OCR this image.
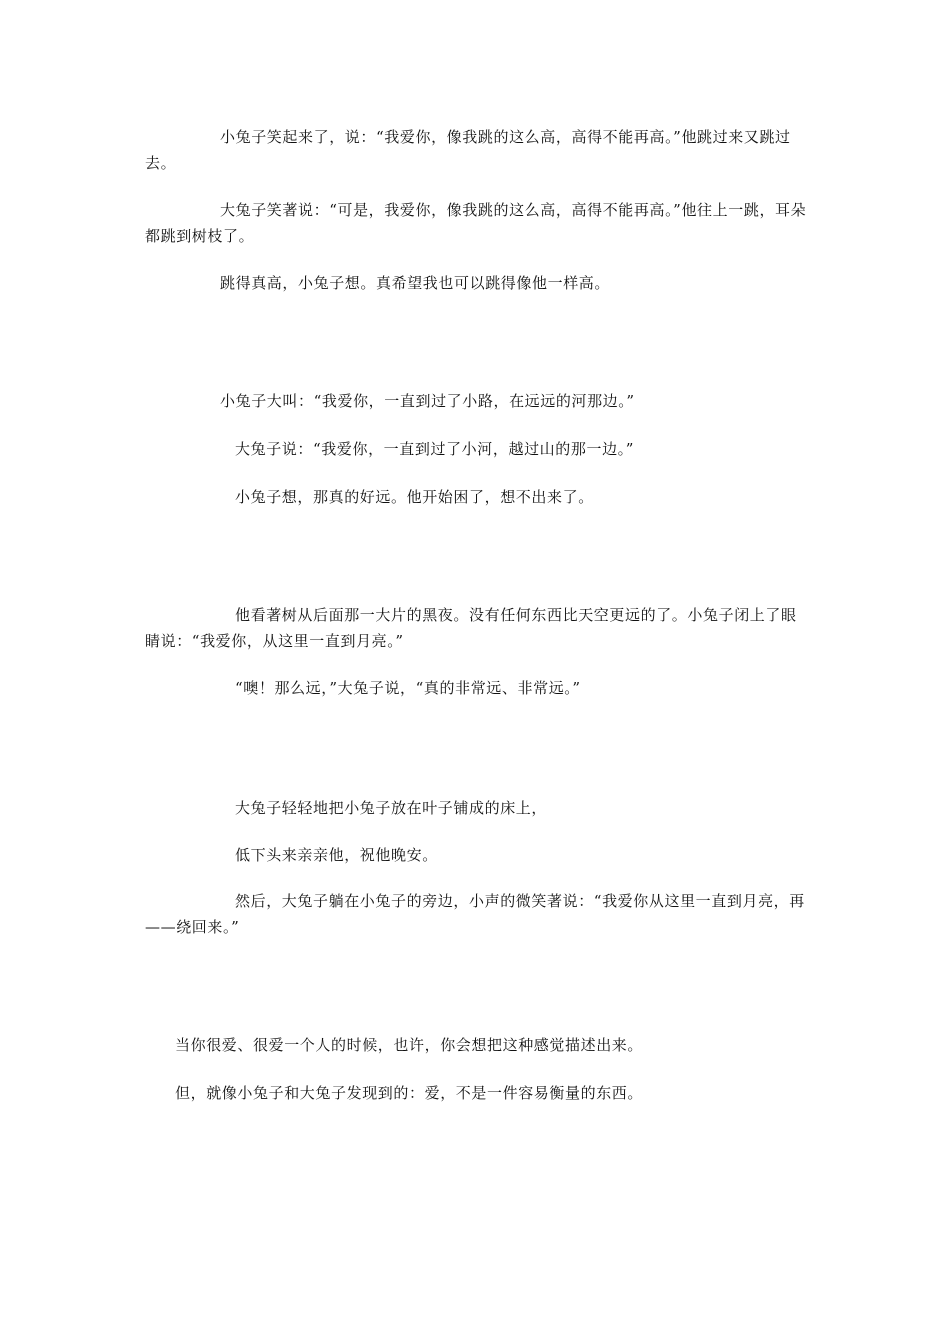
小兔子笑起来了，说：“我爱你，像我跳的这么高，高得不能再高。”他跳过来又跳过去。

大兔子笑著说：“可是，我爱你，像我跳的这么高，高得不能再高。”他往上一跳，耳朵都跳到树枝了。

跳得真高，小兔子想。真希望我也可以跳得像他一样高。

小兔子大叫：“我爱你，一直到过了小路，在远远的河那边。”

大兔子说：“我爱你，一直到过了小河，越过山的那一边。”

小兔子想，那真的好远。他开始困了，想不出来了。

他看著树从后面那一大片的黑夜。没有任何东西比天空更远的了。小兔子闭上了眼睛说：“我爱你，从这里一直到月亮。”

“噢！那么远，”大兔子说，“真的非常远、非常远。”

大兔子轻轻地把小兔子放在叶子铺成的床上，

低下头来亲亲他，祝他晚安。

然后，大兔子躺在小兔子的旁边，小声的微笑著说：“我爱你从这里一直到月亮，再——绕回来。”

当你很爱、很爱一个人的时候，也许，你会想把这种感觉描述出来。

但，就像小兔子和大兔子发现到的：爱，不是一件容易衡量的东西。
